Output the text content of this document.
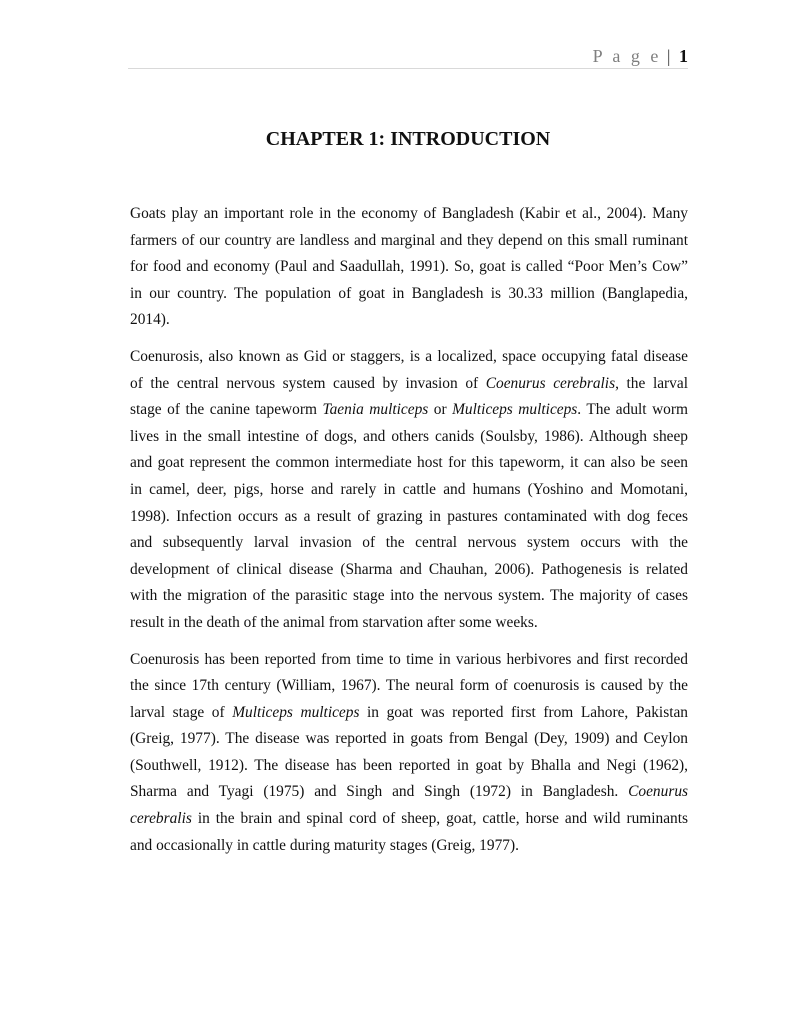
P a g e | 1
CHAPTER 1: INTRODUCTION

Goats play an important role in the economy of Bangladesh (Kabir et al., 2004). Many
farmers of our country are landless and marginal and they depend on this small ruminant
for food and economy (Paul and Saadullah, 1991). So, goat is called “Poor Men’s Cow”
in our country. The population of goat in Bangladesh is 30.33 million (Banglapedia,
2014).

Coenurosis, also known as Gid or staggers, is a localized, space occupying fatal disease
of the central nervous system caused by invasion of Coenurus cerebralis, the larval
stage of the canine tapeworm Taenia multiceps or Multiceps multiceps. The adult worm
lives in the small intestine of dogs, and others canids (Soulsby, 1986). Although sheep
and goat represent the common intermediate host for this tapeworm, it can also be seen
in camel, deer, pigs, horse and rarely in cattle and humans (Yoshino and Momotani,
1998). Infection occurs as a result of grazing in pastures contaminated with dog feces
and subsequently larval invasion of the central nervous system occurs with the
development of clinical disease (Sharma and Chauhan, 2006). Pathogenesis is related
with the migration of the parasitic stage into the nervous system. The majority of cases
result in the death of the animal from starvation after some weeks.

Coenurosis has been reported from time to time in various herbivores and first recorded
the since 17th century (William, 1967). The neural form of coenurosis is caused by the
larval stage of Multiceps multiceps in goat was reported first from Lahore, Pakistan
(Greig, 1977). The disease was reported in goats from Bengal (Dey, 1909) and Ceylon
(Southwell, 1912). The disease has been reported in goat by Bhalla and Negi (1962),
Sharma and Tyagi (1975) and Singh and Singh (1972) in Bangladesh. Coenurus
cerebralis in the brain and spinal cord of sheep, goat, cattle, horse and wild ruminants
and occasionally in cattle during maturity stages (Greig, 1977).
